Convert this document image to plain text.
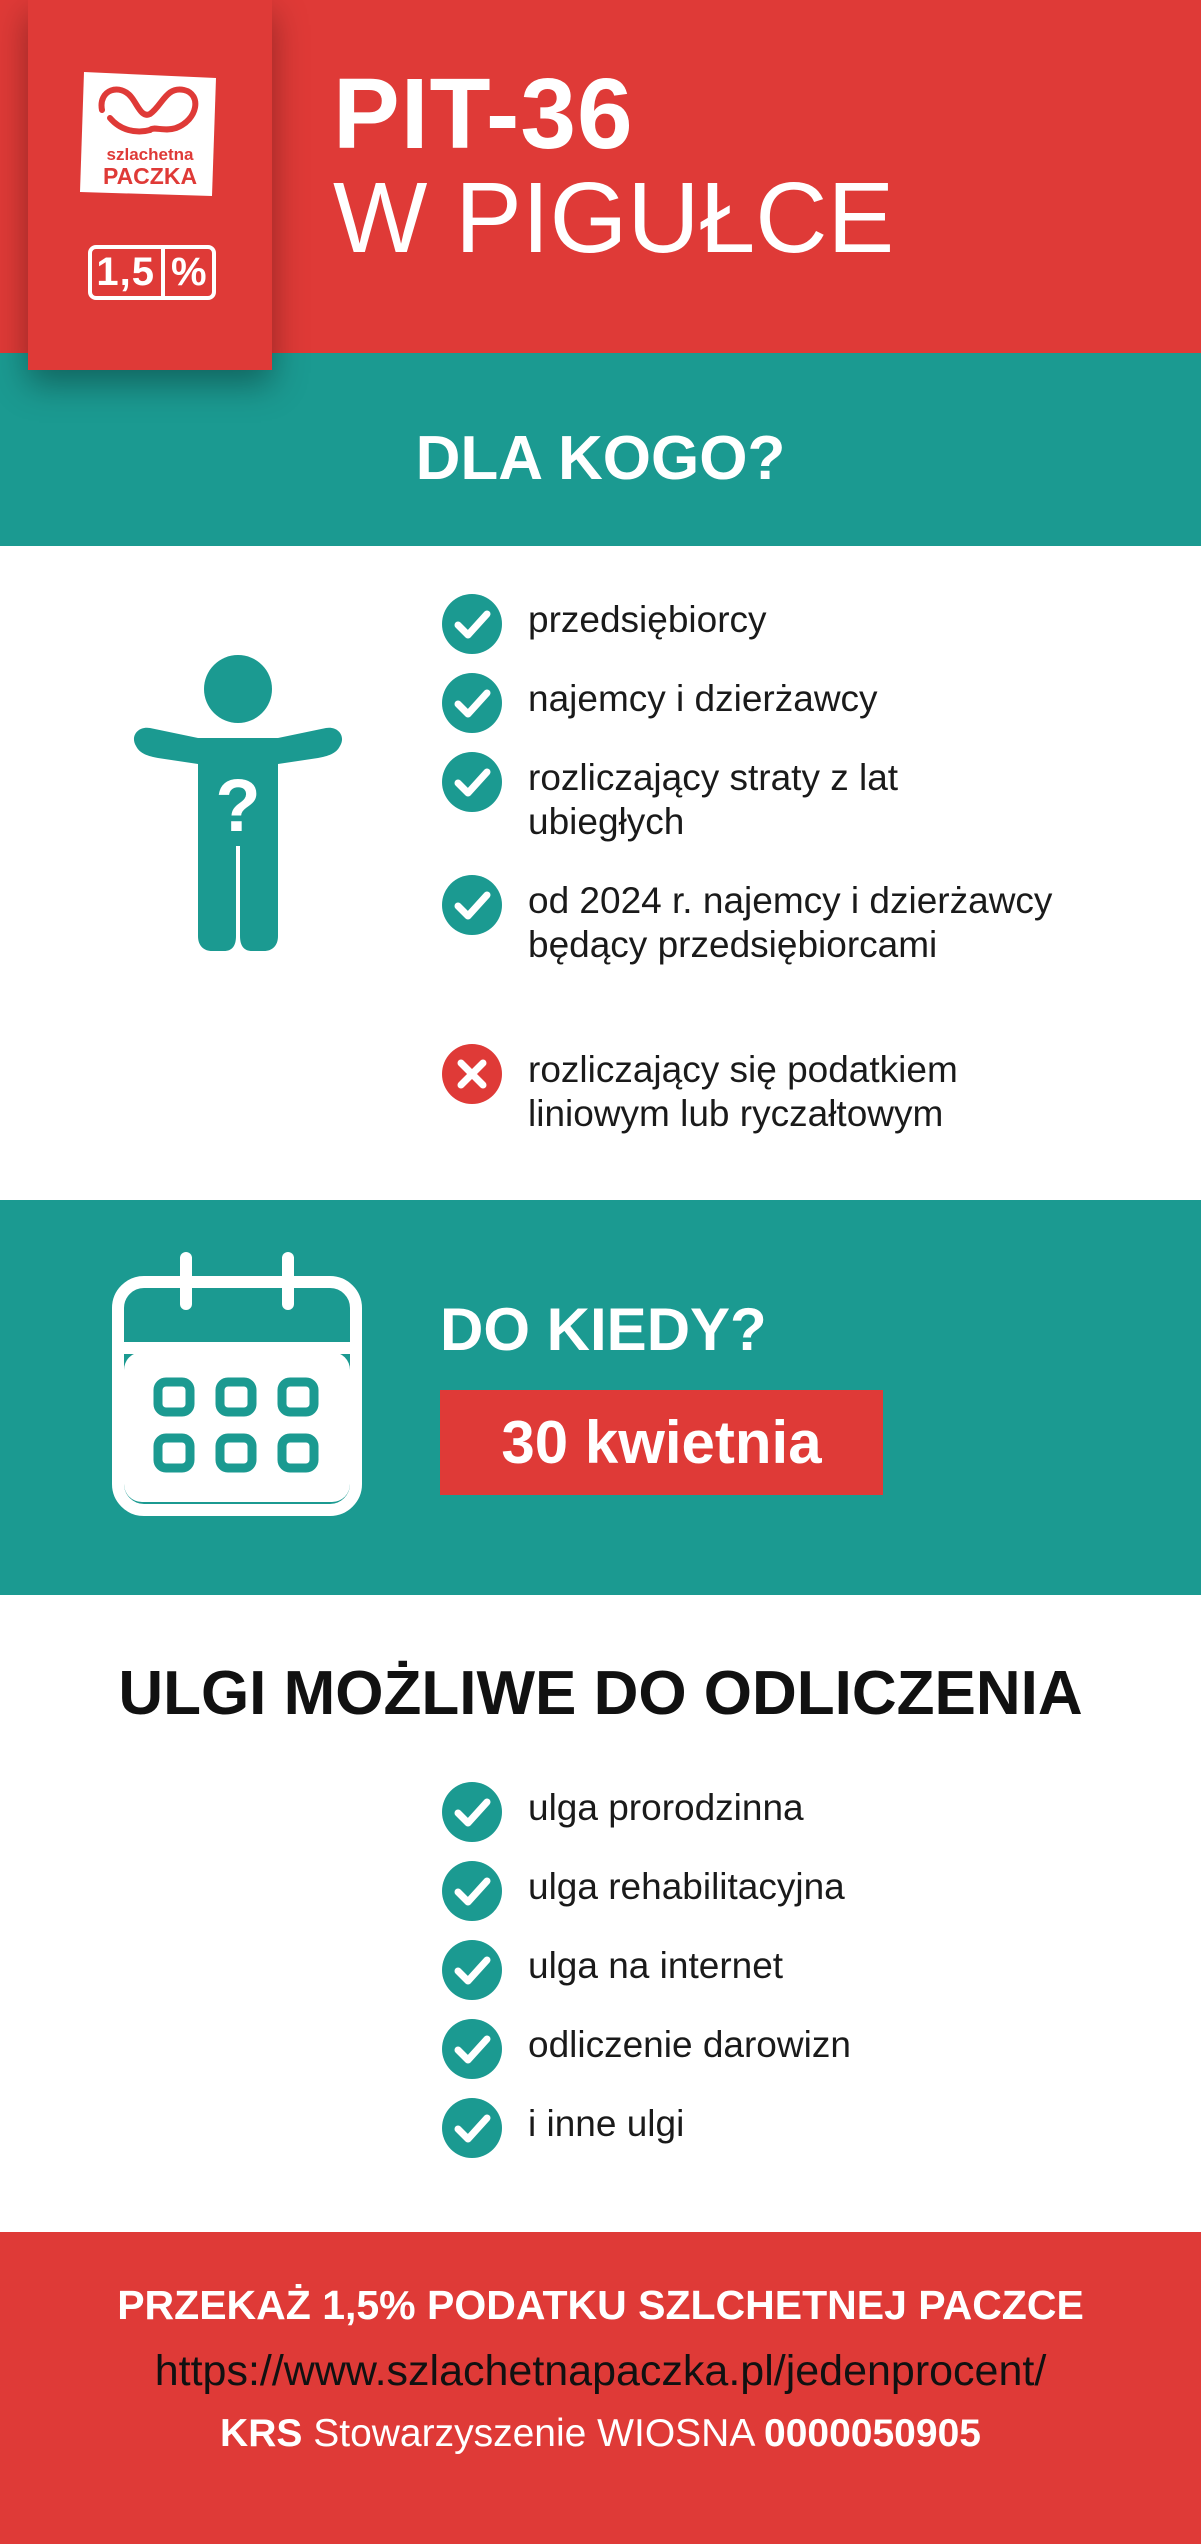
szlachetna
PACZKA
1,5 %
PIT-36
W PIGUŁCE
DLA KOGO?
?
przedsiębiorcy
najemcy i dzierżawcy
rozliczający straty z lat ubiegłych
od 2024 r. najemcy i dzierżawcy będący przedsiębiorcami
rozliczający się podatkiem liniowym lub ryczałtowym
DO KIEDY?
30 kwietnia
ULGI MOŻLIWE DO ODLICZENIA
ulga prorodzinna
ulga rehabilitacyjna
ulga na internet
odliczenie darowizn
i inne ulgi
PRZEKAŻ 1,5% PODATKU SZLCHETNEJ PACZCE
https://www.szlachetnapaczka.pl/jedenprocent/
KRS Stowarzyszenie WIOSNA 0000050905
